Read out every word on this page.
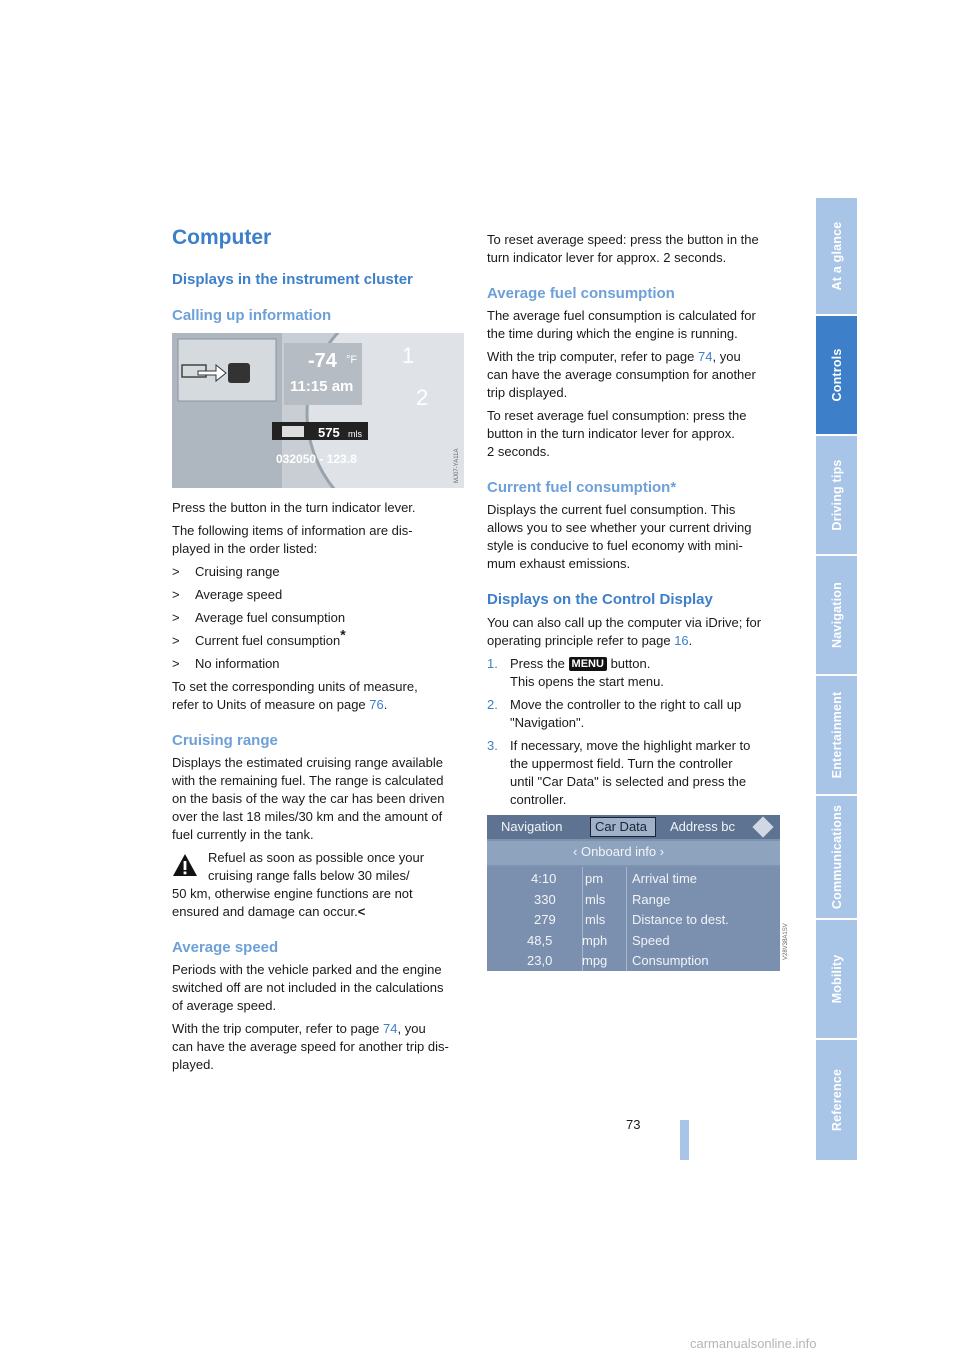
Computer
Displays in the instrument cluster
Calling up information
-74 °F
11:15 am
575 mls
032050 - 123.8
1
2
MJ07-YA11A

Press the button in the turn indicator lever.

The following items of information are dis-

played in the order listed:

> Cruising range

> Average speed

> Average fuel consumption

> Current fuel consumption*

> No information

To set the corresponding units of measure,

refer to Units of measure on page 76.

Cruising range

Displays the estimated cruising range available

with the remaining fuel. The range is calculated

on the basis of the way the car has been driven

over the last 18 miles/30 km and the amount of

fuel currently in the tank.

Refuel as soon as possible once your

cruising range falls below 30 miles/

50 km, otherwise engine functions are not

ensured and damage can occur.<

Average speed

Periods with the vehicle parked and the engine

switched off are not included in the calculations

of average speed.

With the trip computer, refer to page 74, you

can have the average speed for another trip dis-

played.

To reset average speed: press the button in the

turn indicator lever for approx. 2 seconds.

Average fuel consumption

The average fuel consumption is calculated for

the time during which the engine is running.

With the trip computer, refer to page 74, you

can have the average consumption for another

trip displayed.

To reset average fuel consumption: press the

button in the turn indicator lever for approx.

2 seconds.

Current fuel consumption*

Displays the current fuel consumption. This

allows you to see whether your current driving

style is conducive to fuel economy with mini-

mum exhaust emissions.

Displays on the Control Display

You can also call up the computer via iDrive; for

operating principle refer to page 16.

1. Press the MENU button.

This opens the start menu.

2. Move the controller to the right to call up

"Navigation".

3. If necessary, move the highlight marker to

the uppermost field. Turn the controller

until "Car Data" is selected and press the

controller.

Navigation	Car Data Address bc
‹ Onboard info ›
4:10 pm Arrival time
330 mls Range
279 mls Distance to dest.
48,5 mph Speed
23,0 mpg Consumption
V28V38A1SV
73
At a glance
Controls
Driving tips
Navigation
Entertainment
Communications
Mobility
Reference
carmanualsonline.info
